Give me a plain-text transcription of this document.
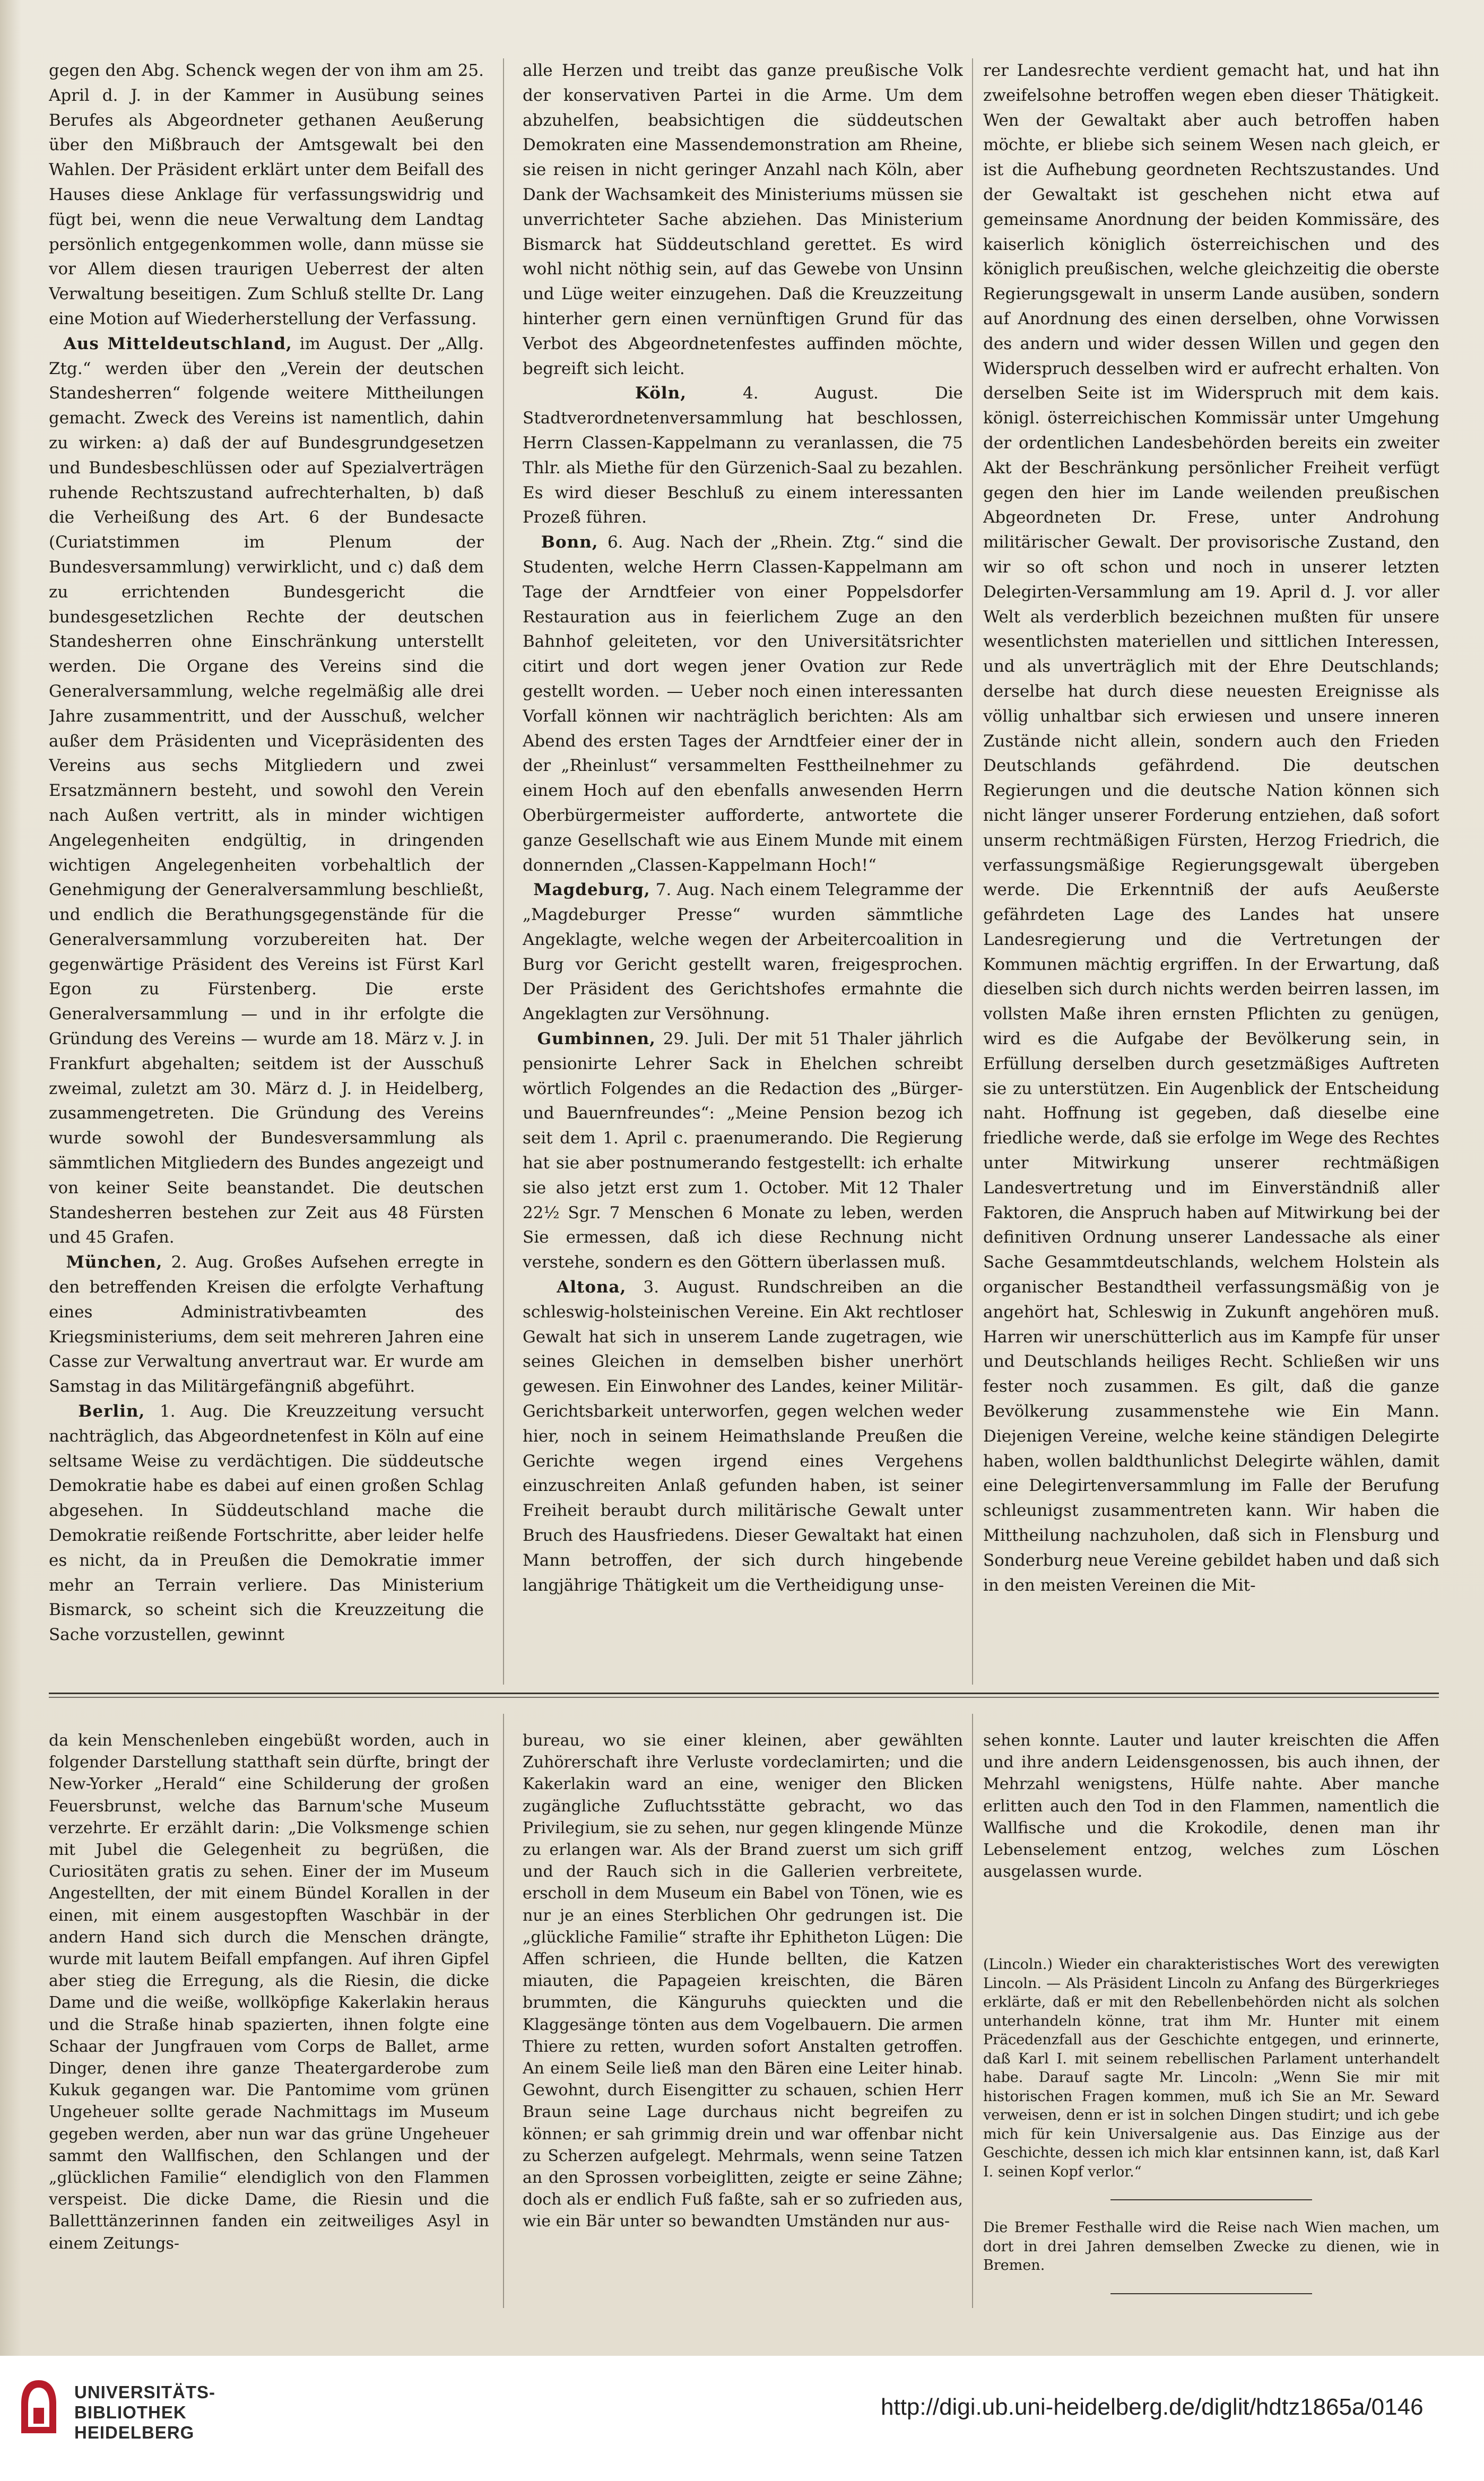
gegen den Abg. Schenck wegen der von ihm am 25. April d. J. in der Kammer in Ausübung seines Berufes als Abgeordneter gethanen Aeußerung über den Mißbrauch der Amtsgewalt bei den Wahlen. Der Präsident erklärt unter dem Beifall des Hauses diese Anklage für verfassungswidrig und fügt bei, wenn die neue Verwaltung dem Landtag persönlich entgegenkommen wolle, dann müsse sie vor Allem diesen traurigen Ueberrest der alten Verwaltung beseitigen. Zum Schluß stellte Dr. Lang eine Motion auf Wiederherstellung der Verfassung.

Aus Mitteldeutschland, im August. Der „Allg. Ztg.“ werden über den „Verein der deutschen Standesherren“ folgende weitere Mittheilungen gemacht. Zweck des Vereins ist namentlich, dahin zu wirken: a) daß der auf Bundesgrundgesetzen und Bundesbeschlüssen oder auf Spezialverträgen ruhende Rechtszustand aufrechterhalten, b) daß die Verheißung des Art. 6 der Bundesacte (Curiatstimmen im Plenum der Bundesversammlung) verwirklicht, und c) daß dem zu errichtenden Bundesgericht die bundesgesetzlichen Rechte der deutschen Standesherren ohne Einschränkung unterstellt werden. Die Organe des Vereins sind die Generalversammlung, welche regelmäßig alle drei Jahre zusammentritt, und der Ausschuß, welcher außer dem Präsidenten und Vicepräsidenten des Vereins aus sechs Mitgliedern und zwei Ersatzmännern besteht, und sowohl den Verein nach Außen vertritt, als in minder wichtigen Angelegenheiten endgültig, in dringenden wichtigen Angelegenheiten vorbehaltlich der Genehmigung der Generalversammlung beschließt, und endlich die Berathungsgegenstände für die Generalversammlung vorzubereiten hat. Der gegenwärtige Präsident des Vereins ist Fürst Karl Egon zu Fürstenberg. Die erste Generalversammlung — und in ihr erfolgte die Gründung des Vereins — wurde am 18. März v. J. in Frankfurt abgehalten; seitdem ist der Ausschuß zweimal, zuletzt am 30. März d. J. in Heidelberg, zusammengetreten. Die Gründung des Vereins wurde sowohl der Bundesversammlung als sämmtlichen Mitgliedern des Bundes angezeigt und von keiner Seite beanstandet. Die deutschen Standesherren bestehen zur Zeit aus 48 Fürsten und 45 Grafen.

München, 2. Aug. Großes Aufsehen erregte in den betreffenden Kreisen die erfolgte Verhaftung eines Administrativbeamten des Kriegsministeriums, dem seit mehreren Jahren eine Casse zur Verwaltung anvertraut war. Er wurde am Samstag in das Militärgefängniß abgeführt.

Berlin, 1. Aug. Die Kreuzzeitung versucht nachträglich, das Abgeordnetenfest in Köln auf eine seltsame Weise zu verdächtigen. Die süddeutsche Demokratie habe es dabei auf einen großen Schlag abgesehen. In Süddeutschland mache die Demokratie reißende Fortschritte, aber leider helfe es nicht, da in Preußen die Demokratie immer mehr an Terrain verliere. Das Ministerium Bismarck, so scheint sich die Kreuzzeitung die Sache vorzustellen, gewinnt

alle Herzen und treibt das ganze preußische Volk der konservativen Partei in die Arme. Um dem abzuhelfen, beabsichtigen die süddeutschen Demokraten eine Massendemonstration am Rheine, sie reisen in nicht geringer Anzahl nach Köln, aber Dank der Wachsamkeit des Ministeriums müssen sie unverrichteter Sache abziehen. Das Ministerium Bismarck hat Süddeutschland gerettet. Es wird wohl nicht nöthig sein, auf das Gewebe von Unsinn und Lüge weiter einzugehen. Daß die Kreuzzeitung hinterher gern einen vernünftigen Grund für das Verbot des Abgeordnetenfestes auffinden möchte, begreift sich leicht.

Köln, 4. August. Die Stadtverordnetenversammlung hat beschlossen, Herrn Classen-Kappelmann zu veranlassen, die 75 Thlr. als Miethe für den Gürzenich-Saal zu bezahlen. Es wird dieser Beschluß zu einem interessanten Prozeß führen.

Bonn, 6. Aug. Nach der „Rhein. Ztg.“ sind die Studenten, welche Herrn Classen-Kappelmann am Tage der Arndtfeier von einer Poppelsdorfer Restauration aus in feierlichem Zuge an den Bahnhof geleiteten, vor den Universitätsrichter citirt und dort wegen jener Ovation zur Rede gestellt worden. — Ueber noch einen interessanten Vorfall können wir nachträglich berichten: Als am Abend des ersten Tages der Arndtfeier einer der in der „Rheinlust“ versammelten Festtheilnehmer zu einem Hoch auf den ebenfalls anwesenden Herrn Oberbürgermeister aufforderte, antwortete die ganze Gesellschaft wie aus Einem Munde mit einem donnernden „Classen-Kappelmann Hoch!“

Magdeburg, 7. Aug. Nach einem Telegramme der „Magdeburger Presse“ wurden sämmtliche Angeklagte, welche wegen der Arbeitercoalition in Burg vor Gericht gestellt waren, freigesprochen. Der Präsident des Gerichtshofes ermahnte die Angeklagten zur Versöhnung.

Gumbinnen, 29. Juli. Der mit 51 Thaler jährlich pensionirte Lehrer Sack in Ehelchen schreibt wörtlich Folgendes an die Redaction des „Bürger- und Bauernfreundes“: „Meine Pension bezog ich seit dem 1. April c. praenumerando. Die Regierung hat sie aber postnumerando festgestellt: ich erhalte sie also jetzt erst zum 1. October. Mit 12 Thaler 22½ Sgr. 7 Menschen 6 Monate zu leben, werden Sie ermessen, daß ich diese Rechnung nicht verstehe, sondern es den Göttern überlassen muß.

Altona, 3. August. Rundschreiben an die schleswig-holsteinischen Vereine. Ein Akt rechtloser Gewalt hat sich in unserem Lande zugetragen, wie seines Gleichen in demselben bisher unerhört gewesen. Ein Einwohner des Landes, keiner Militär-Gerichtsbarkeit unterworfen, gegen welchen weder hier, noch in seinem Heimathslande Preußen die Gerichte wegen irgend eines Vergehens einzuschreiten Anlaß gefunden haben, ist seiner Freiheit beraubt durch militärische Gewalt unter Bruch des Hausfriedens. Dieser Gewaltakt hat einen Mann betroffen, der sich durch hingebende langjährige Thätigkeit um die Vertheidigung unse-

rer Landesrechte verdient gemacht hat, und hat ihn zweifelsohne betroffen wegen eben dieser Thätigkeit. Wen der Gewaltakt aber auch betroffen haben möchte, er bliebe sich seinem Wesen nach gleich, er ist die Aufhebung geordneten Rechtszustandes. Und der Gewaltakt ist geschehen nicht etwa auf gemeinsame Anordnung der beiden Kommissäre, des kaiserlich königlich österreichischen und des königlich preußischen, welche gleichzeitig die oberste Regierungsgewalt in unserm Lande ausüben, sondern auf Anordnung des einen derselben, ohne Vorwissen des andern und wider dessen Willen und gegen den Widerspruch desselben wird er aufrecht erhalten. Von derselben Seite ist im Widerspruch mit dem kais. königl. österreichischen Kommissär unter Umgehung der ordentlichen Landesbehörden bereits ein zweiter Akt der Beschränkung persönlicher Freiheit verfügt gegen den hier im Lande weilenden preußischen Abgeordneten Dr. Frese, unter Androhung militärischer Gewalt. Der provisorische Zustand, den wir so oft schon und noch in unserer letzten Delegirten-Versammlung am 19. April d. J. vor aller Welt als verderblich bezeichnen mußten für unsere wesentlichsten materiellen und sittlichen Interessen, und als unverträglich mit der Ehre Deutschlands; derselbe hat durch diese neuesten Ereignisse als völlig unhaltbar sich erwiesen und unsere inneren Zustände nicht allein, sondern auch den Frieden Deutschlands gefährdend. Die deutschen Regierungen und die deutsche Nation können sich nicht länger unserer Forderung entziehen, daß sofort unserm rechtmäßigen Fürsten, Herzog Friedrich, die verfassungsmäßige Regierungsgewalt übergeben werde. Die Erkenntniß der aufs Aeußerste gefährdeten Lage des Landes hat unsere Landesregierung und die Vertretungen der Kommunen mächtig ergriffen. In der Erwartung, daß dieselben sich durch nichts werden beirren lassen, im vollsten Maße ihren ernsten Pflichten zu genügen, wird es die Aufgabe der Bevölkerung sein, in Erfüllung derselben durch gesetzmäßiges Auftreten sie zu unterstützen. Ein Augenblick der Entscheidung naht. Hoffnung ist gegeben, daß dieselbe eine friedliche werde, daß sie erfolge im Wege des Rechtes unter Mitwirkung unserer rechtmäßigen Landesvertretung und im Einverständniß aller Faktoren, die Anspruch haben auf Mitwirkung bei der definitiven Ordnung unserer Landessache als einer Sache Gesammtdeutschlands, welchem Holstein als organischer Bestandtheil verfassungsmäßig von je angehört hat, Schleswig in Zukunft angehören muß. Harren wir unerschütterlich aus im Kampfe für unser und Deutschlands heiliges Recht. Schließen wir uns fester noch zusammen. Es gilt, daß die ganze Bevölkerung zusammenstehe wie Ein Mann. Diejenigen Vereine, welche keine ständigen Delegirte haben, wollen baldthunlichst Delegirte wählen, damit eine Delegirtenversammlung im Falle der Berufung schleunigst zusammentreten kann. Wir haben die Mittheilung nachzuholen, daß sich in Flensburg und Sonderburg neue Vereine gebildet haben und daß sich in den meisten Vereinen die Mit-

da kein Menschenleben eingebüßt worden, auch in folgender Darstellung statthaft sein dürfte, bringt der New-Yorker „Herald“ eine Schilderung der großen Feuersbrunst, welche das Barnum'sche Museum verzehrte. Er erzählt darin: „Die Volksmenge schien mit Jubel die Gelegenheit zu begrüßen, die Curiositäten gratis zu sehen. Einer der im Museum Angestellten, der mit einem Bündel Korallen in der einen, mit einem ausgestopften Waschbär in der andern Hand sich durch die Menschen drängte, wurde mit lautem Beifall empfangen. Auf ihren Gipfel aber stieg die Erregung, als die Riesin, die dicke Dame und die weiße, wollköpfige Kakerlakin heraus und die Straße hinab spazierten, ihnen folgte eine Schaar der Jungfrauen vom Corps de Ballet, arme Dinger, denen ihre ganze Theatergarderobe zum Kukuk gegangen war. Die Pantomime vom grünen Ungeheuer sollte gerade Nachmittags im Museum gegeben werden, aber nun war das grüne Ungeheuer sammt den Wallfischen, den Schlangen und der „glücklichen Familie“ elendiglich von den Flammen verspeist. Die dicke Dame, die Riesin und die Balletttänzerinnen fanden ein zeitweiliges Asyl in einem Zeitungs-

bureau, wo sie einer kleinen, aber gewählten Zuhörerschaft ihre Verluste vordeclamirten; und die Kakerlakin ward an eine, weniger den Blicken zugängliche Zufluchtsstätte gebracht, wo das Privilegium, sie zu sehen, nur gegen klingende Münze zu erlangen war. Als der Brand zuerst um sich griff und der Rauch sich in die Gallerien verbreitete, erscholl in dem Museum ein Babel von Tönen, wie es nur je an eines Sterblichen Ohr gedrungen ist. Die „glückliche Familie“ strafte ihr Ephitheton Lügen: Die Affen schrieen, die Hunde bellten, die Katzen miauten, die Papageien kreischten, die Bären brummten, die Känguruhs quieckten und die Klaggesänge tönten aus dem Vogelbauern. Die armen Thiere zu retten, wurden sofort Anstalten getroffen. An einem Seile ließ man den Bären eine Leiter hinab. Gewohnt, durch Eisengitter zu schauen, schien Herr Braun seine Lage durchaus nicht begreifen zu können; er sah grimmig drein und war offenbar nicht zu Scherzen aufgelegt. Mehrmals, wenn seine Tatzen an den Sprossen vorbeiglitten, zeigte er seine Zähne; doch als er endlich Fuß faßte, sah er so zufrieden aus, wie ein Bär unter so bewandten Umständen nur aus-

sehen konnte. Lauter und lauter kreischten die Affen und ihre andern Leidensgenossen, bis auch ihnen, der Mehrzahl wenigstens, Hülfe nahte. Aber manche erlitten auch den Tod in den Flammen, namentlich die Wallfische und die Krokodile, denen man ihr Lebenselement entzog, welches zum Löschen ausgelassen wurde.

(Lincoln.) Wieder ein charakteristisches Wort des verewigten Lincoln. — Als Präsident Lincoln zu Anfang des Bürgerkrieges erklärte, daß er mit den Rebellenbehörden nicht als solchen unterhandeln könne, trat ihm Mr. Hunter mit einem Präcedenzfall aus der Geschichte entgegen, und erinnerte, daß Karl I. mit seinem rebellischen Parlament unterhandelt habe. Darauf sagte Mr. Lincoln: „Wenn Sie mir mit historischen Fragen kommen, muß ich Sie an Mr. Seward verweisen, denn er ist in solchen Dingen studirt; und ich gebe mich für kein Universalgenie aus. Das Einzige aus der Geschichte, dessen ich mich klar entsinnen kann, ist, daß Karl I. seinen Kopf verlor.“

Die Bremer Festhalle wird die Reise nach Wien machen, um dort in drei Jahren demselben Zwecke zu dienen, wie in Bremen.

UNIVERSITÄTS-
BIBLIOTHEK
HEIDELBERG
http://digi.ub.uni-heidelberg.de/diglit/hdtz1865a/0146
